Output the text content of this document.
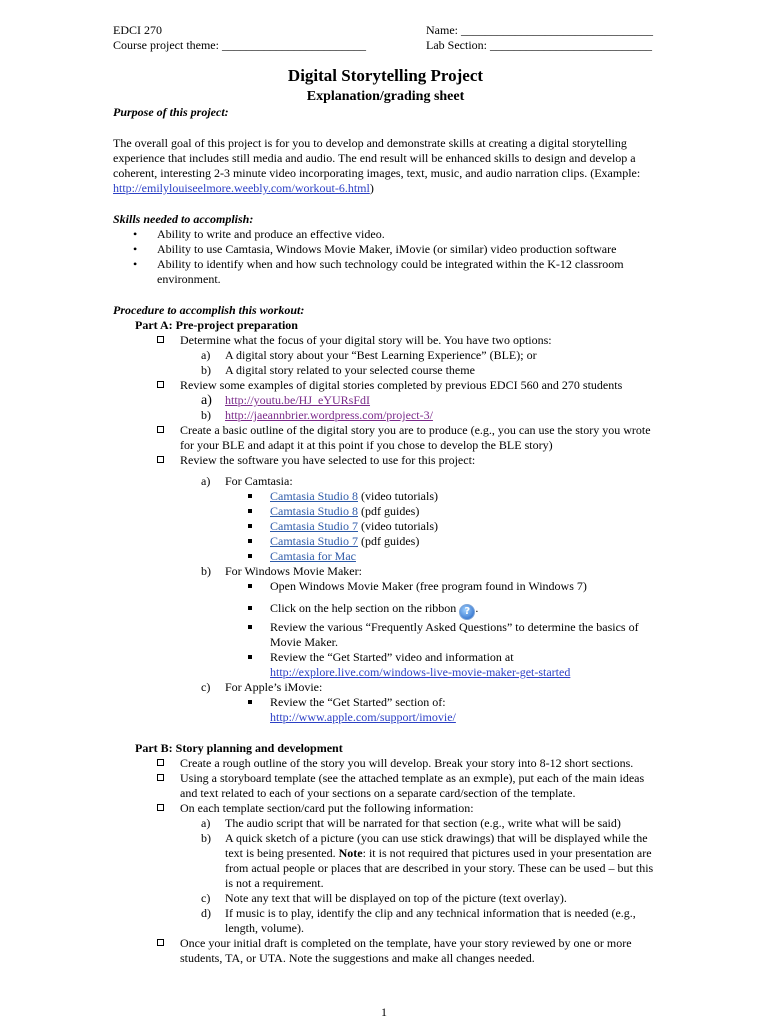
EDCI 270	Name: ________________________________
Course project theme: ________________________	Lab Section: ___________________________
Digital Storytelling Project
Explanation/grading sheet

Purpose of this project:

The overall goal of this project is for you to develop and demonstrate skills at creating a digital storytelling experience that includes still media and audio. The end result will be enhanced skills to design and develop a coherent, interesting 2-3 minute video incorporating images, text, music, and audio narration clips. (Example: http://emilylouiseelmore.weebly.com/workout-6.html)

Skills needed to accomplish:

• Ability to write and produce an effective video.
• Ability to use Camtasia, Windows Movie Maker, iMovie (or similar) video production software
• Ability to identify when and how such technology could be integrated within the K-12 classroom environment.

Procedure to accomplish this workout:

Part A: Pre-project preparation

Determine what the focus of your digital story will be. You have two options:
a) A digital story about your “Best Learning Experience” (BLE); or
b) A digital story related to your selected course theme
Review some examples of digital stories completed by previous EDCI 560 and 270 students
a) http://youtu.be/HJ_eYURsFdI
b) http://jaeannbrier.wordpress.com/project-3/
Create a basic outline of the digital story you are to produce (e.g., you can use the story you wrote for your BLE and adapt it at this point if you chose to develop the BLE story)
Review the software you have selected to use for this project:
a) For Camtasia:
Camtasia Studio 8 (video tutorials)
Camtasia Studio 8 (pdf guides)
Camtasia Studio 7 (video tutorials)
Camtasia Studio 7 (pdf guides)
Camtasia for Mac
b) For Windows Movie Maker:
Open Windows Movie Maker (free program found in Windows 7)
Click on the help section on the ribbon ? .
Review the various “Frequently Asked Questions” to determine the basics of Movie Maker.
Review the “Get Started” video and information at
http://explore.live.com/windows-live-movie-maker-get-started
c) For Apple’s iMovie:
Review the “Get Started” section of:
http://www.apple.com/support/imovie/

Part B: Story planning and development

Create a rough outline of the story you will develop. Break your story into 8-12 short sections.
Using a storyboard template (see the attached template as an exmple), put each of the main ideas and text related to each of your sections on a separate card/section of the template.
On each template section/card put the following information:
a) The audio script that will be narrated for that section (e.g., write what will be said)
b) A quick sketch of a picture (you can use stick drawings) that will be displayed while the text is being presented. Note: it is not required that pictures used in your presentation are from actual people or places that are described in your story. These can be used – but this is not a requirement.
c) Note any text that will be displayed on top of the picture (text overlay).
d) If music is to play, identify the clip and any technical information that is needed (e.g., length, volume).
Once your initial draft is completed on the template, have your story reviewed by one or more students, TA, or UTA. Note the suggestions and make all changes needed.
1
